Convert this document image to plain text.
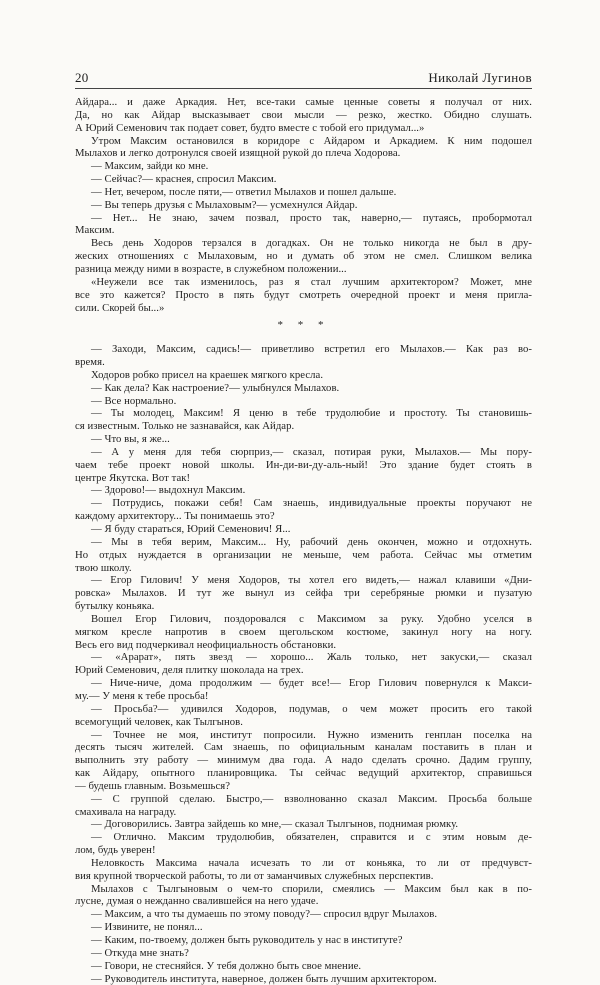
20	Николай Лугинов
Айдара... и даже Аркадия. Нет, все-таки самые ценные советы я получал от них.
Да, но как Айдар высказывает свои мысли — резко, жестко. Обидно слушать.
А Юрий Семенович так подает совет, будто вместе с тобой его придумал...»
Утром Максим остановился в коридоре с Айдаром и Аркадием. К ним подошел
Мылахов и легко дотронулся своей изящной рукой до плеча Ходорова.
— Максим, зайди ко мне.
— Сейчас?— краснея, спросил Максим.
— Нет, вечером, после пяти,— ответил Мылахов и пошел дальше.
— Вы теперь друзья с Мылаховым?— усмехнулся Айдар.
— Нет... Не знаю, зачем позвал, просто так, наверно,— путаясь, пробормотал
Максим.
Весь день Ходоров терзался в догадках. Он не только никогда не был в дру-
жеских отношениях с Мылаховым, но и думать об этом не смел. Слишком велика
разница между ними в возрасте, в служебном положении...
«Неужели все так изменилось, раз я стал лучшим архитектором? Может, мне
все это кажется? Просто в пять будут смотреть очередной проект и меня пригла-
сили. Скорей бы...»
* * *
— Заходи, Максим, садись!— приветливо встретил его Мылахов.— Как раз во-
время.
Ходоров робко присел на краешек мягкого кресла.
— Как дела? Как настроение?— улыбнулся Мылахов.
— Все нормально.
— Ты молодец, Максим! Я ценю в тебе трудолюбие и простоту. Ты становишь-
ся известным. Только не зазнавайся, как Айдар.
— Что вы, я же...
— А у меня для тебя сюрприз,— сказал, потирая руки, Мылахов.— Мы пору-
чаем тебе проект новой школы. Ин-ди-ви-ду-аль-ный! Это здание будет стоять в
центре Якутска. Вот так!
— Здорово!— выдохнул Максим.
— Потрудись, покажи себя! Сам знаешь, индивидуальные проекты поручают не
каждому архитектору... Ты понимаешь это?
— Я буду стараться, Юрий Семенович! Я...
— Мы в тебя верим, Максим... Ну, рабочий день окончен, можно и отдохнуть.
Но отдых нуждается в организации не меньше, чем работа. Сейчас мы отметим
твою школу.
— Егор Гилович! У меня Ходоров, ты хотел его видеть,— нажал клавиши «Дни-
ровска» Мылахов. И тут же вынул из сейфа три серебряные рюмки и пузатую
бутылку коньяка.
Вошел Егор Гилович, поздоровался с Максимом за руку. Удобно уселся в
мягком кресле напротив в своем щегольском костюме, закинул ногу на ногу.
Весь его вид подчеркивал неофициальность обстановки.
— «Арарат», пять звезд — хорошо... Жаль только, нет закуски,— сказал
Юрий Семенович, деля плитку шоколада на трех.
— Ниче-ниче, дома продолжим — будет все!— Егор Гилович повернулся к Макси-
му.— У меня к тебе просьба!
— Просьба?— удивился Ходоров, подумав, о чем может просить его такой
всемогущий человек, как Тылгынов.
— Точнее не моя, институт попросили. Нужно изменить генплан поселка на
десять тысяч жителей. Сам знаешь, по официальным каналам поставить в план и
выполнить эту работу — минимум два года. А надо сделать срочно. Дадим группу,
как Айдару, опытного планировщика. Ты сейчас ведущий архитектор, справишься
— будешь главным. Возьмешься?
— С группой сделаю. Быстро,— взволнованно сказал Максим. Просьба больше
смахивала на награду.
— Договорились. Завтра зайдешь ко мне,— сказал Тылгынов, поднимая рюмку.
— Отлично. Максим трудолюбив, обязателен, справится и с этим новым де-
лом, будь уверен!
Неловкость Максима начала исчезать то ли от коньяка, то ли от предчувст-
вия крупной творческой работы, то ли от заманчивых служебных перспектив.
Мылахов с Тылгыновым о чем-то спорили, смеялись — Максим был как в по-
лусне, думая о нежданно свалившейся на него удаче.
— Максим, а что ты думаешь по этому поводу?— спросил вдруг Мылахов.
— Извините, не понял...
— Каким, по-твоему, должен быть руководитель у нас в институте?
— Откуда мне знать?
— Говори, не стесняйся. У тебя должно быть свое мнение.
— Руководитель института, наверное, должен быть лучшим архитектором.
